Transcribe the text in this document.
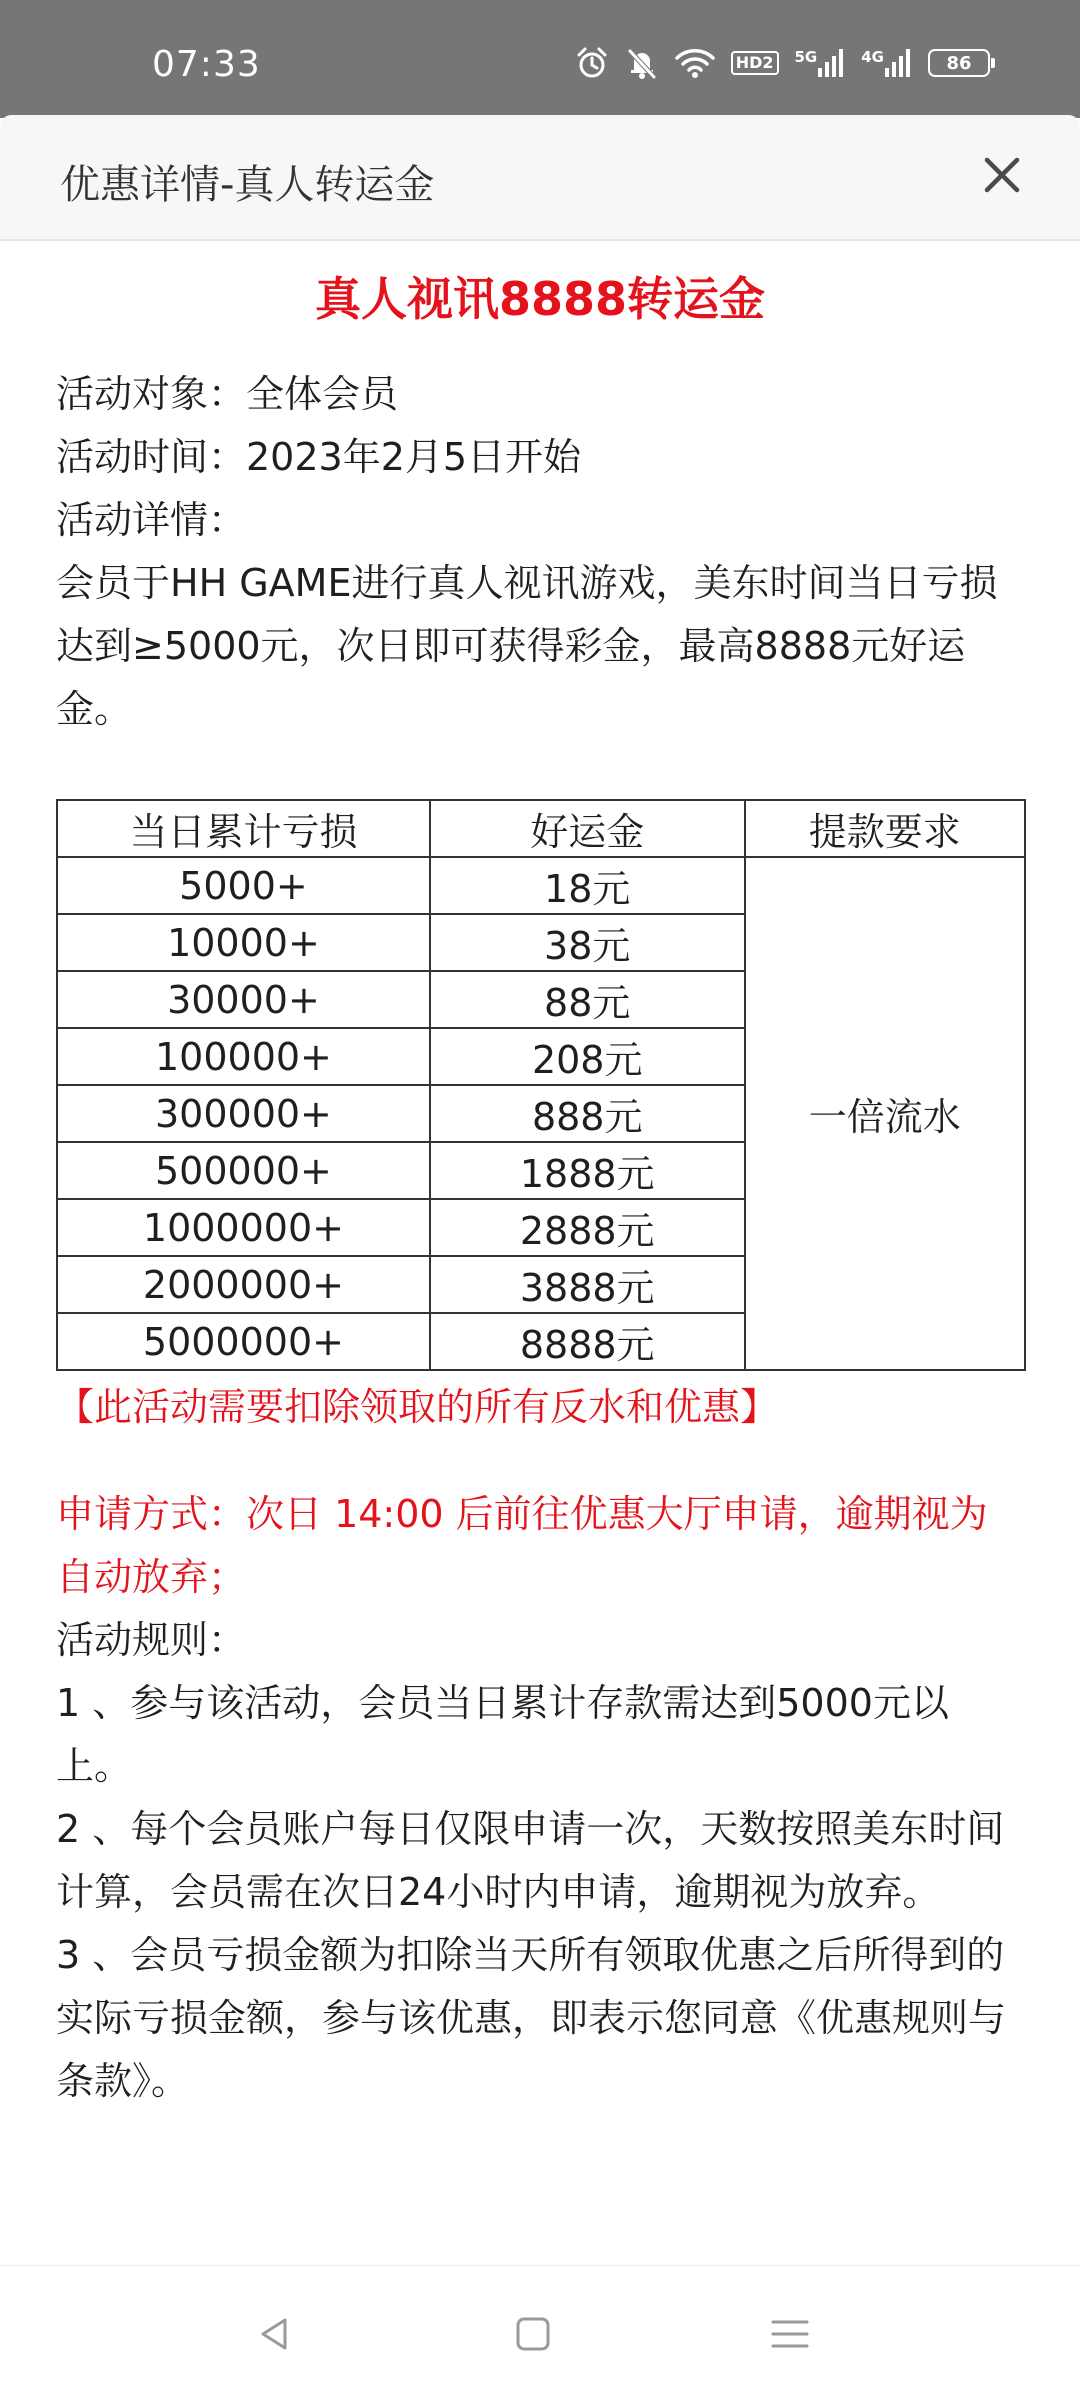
07:33	HD2	5G	4G	86
优惠详情-真人转运金
真人视讯8888转运金
活动对象：全体会员
活动时间：2023年2月5日开始
活动详情：
会员于HH GAME进行真人视讯游戏，美东时间当日亏损达到≥5000元，次日即可获得彩金，最高8888元好运金。
当日累计亏损	好运金	提款要求
5000+	18元	一倍流水
10000+	38元	
30000+	88元	
100000+	208元	
300000+	888元	
500000+	1888元	
1000000+	2888元	
2000000+	3888元	
5000000+	8888元	
【此活动需要扣除领取的所有反水和优惠】
申请方式：次日 14:00 后前往优惠大厅申请，逾期视为自动放弃；
活动规则：
1 、参与该活动，会员当日累计存款需达到5000元以上。
2 、每个会员账户每日仅限申请一次，天数按照美东时间计算，会员需在次日24小时内申请，逾期视为放弃。
3 、会员亏损金额为扣除当天所有领取优惠之后所得到的实际亏损金额，参与该优惠，即表示您同意《优惠规则与条款》。
